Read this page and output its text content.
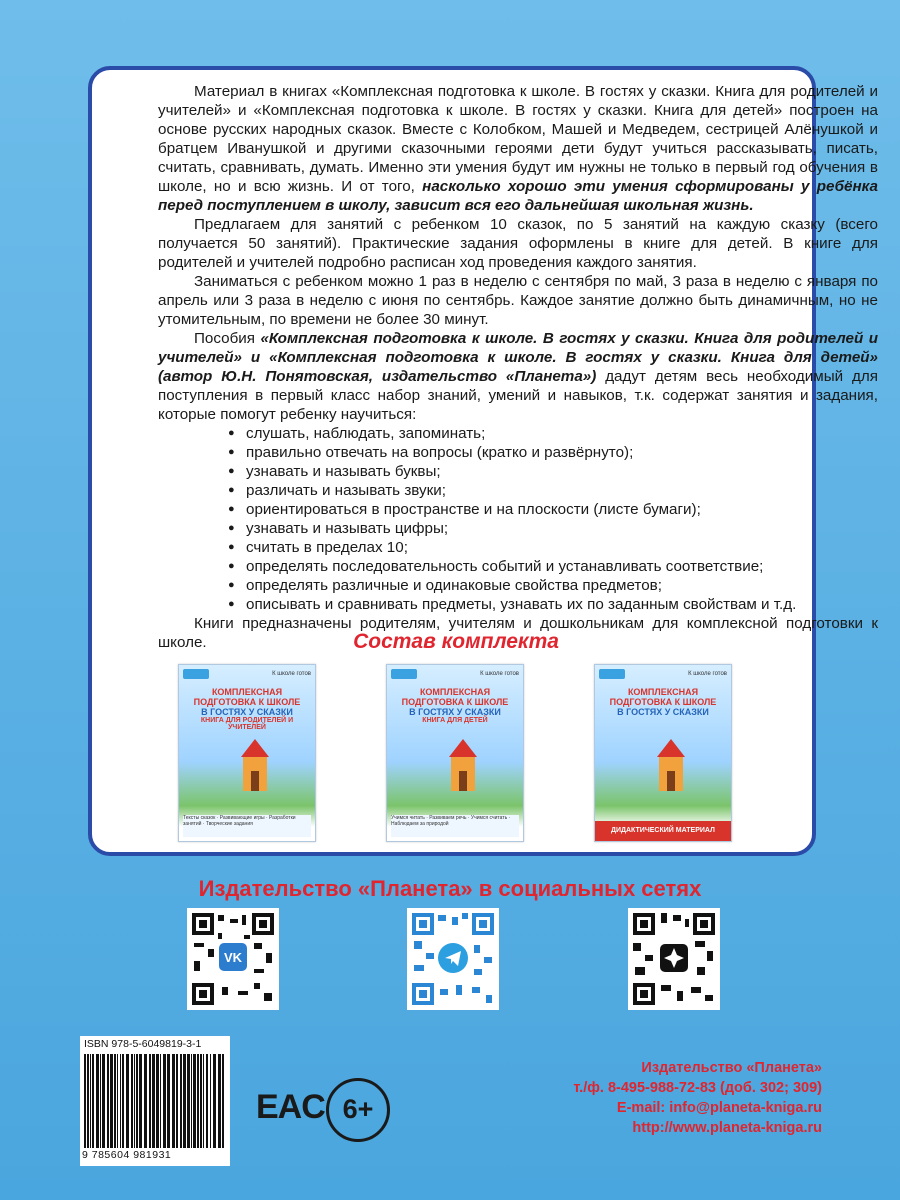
Материал в книгах «Комплексная подготовка к школе. В гостях у сказки. Книга для родителей и учителей» и «Комплексная подготовка к школе. В гостях у сказки. Книга для детей» построен на основе русских народных сказок. Вместе с Колобком, Машей и Медведем, сестрицей Алёнушкой и братцем Иванушкой и другими сказочными героями дети будут учиться рассказывать, писать, считать, сравнивать, думать. Именно эти умения будут им нужны не только в первый год обучения в школе, но и всю жизнь. И от того, насколько хорошо эти умения сформированы у ребёнка перед поступлением в школу, зависит вся его дальнейшая школьная жизнь.

Предлагаем для занятий с ребенком 10 сказок, по 5 занятий на каждую сказку (всего получается 50 занятий). Практические задания оформлены в книге для детей. В книге для родителей и учителей подробно расписан ход проведения каждого занятия.

Заниматься с ребенком можно 1 раз в неделю с сентября по май, 3 раза в неделю с января по апрель или 3 раза в неделю с июня по сентябрь. Каждое занятие должно быть динамичным, но не утомительным, по времени не более 30 минут.

Пособия «Комплексная подготовка к школе. В гостях у сказки. Книга для родителей и учителей» и «Комплексная подготовка к школе. В гостях у сказки. Книга для детей» (автор Ю.Н. Понятовская, издательство «Планета») дадут детям весь необходимый для поступления в первый класс набор знаний, умений и навыков, т.к. содержат занятия и задания, которые помогут ребенку научиться:

● слушать, наблюдать, запоминать;
● правильно отвечать на вопросы (кратко и развёрнуто);
● узнавать и называть буквы;
● различать и называть звуки;
● ориентироваться в пространстве и на плоскости (листе бумаги);
● узнавать и называть цифры;
● считать в пределах 10;
● определять последовательность событий и устанавливать соответствие;
● определять различные и одинаковые свойства предметов;
● описывать и сравнивать предметы, узнавать их по заданным свойствам и т.д.

Книги предназначены родителям, учителям и дошкольникам для комплексной подготовки к школе.	Состав комплекта
К школе готов
КОМПЛЕКСНАЯ ПОДГОТОВКА К ШКОЛЕ
В ГОСТЯХ У СКАЗКИ
КНИГА ДЛЯ РОДИТЕЛЕЙ И УЧИТЕЛЕЙ
Тексты сказок · Развивающие игры · Разработки занятий · Творческие задания
К школе готов
КОМПЛЕКСНАЯ ПОДГОТОВКА К ШКОЛЕ
В ГОСТЯХ У СКАЗКИ
КНИГА ДЛЯ ДЕТЕЙ
Учимся читать · Развиваем речь · Учимся считать · Наблюдаем за природой
К школе готов
КОМПЛЕКСНАЯ ПОДГОТОВКА К ШКОЛЕ
В ГОСТЯХ У СКАЗКИ
ДИДАКТИЧЕСКИЙ МАТЕРИАЛ
Издательство «Планета» в социальных сетях
VK
ISBN 978-5-6049819-3-1
9 785604 981931
EAC 6+
Издательство «Планета»
т./ф. 8-495-988-72-83 (доб. 302; 309)
E-mail: info@planeta-kniga.ru
http://www.planeta-kniga.ru
